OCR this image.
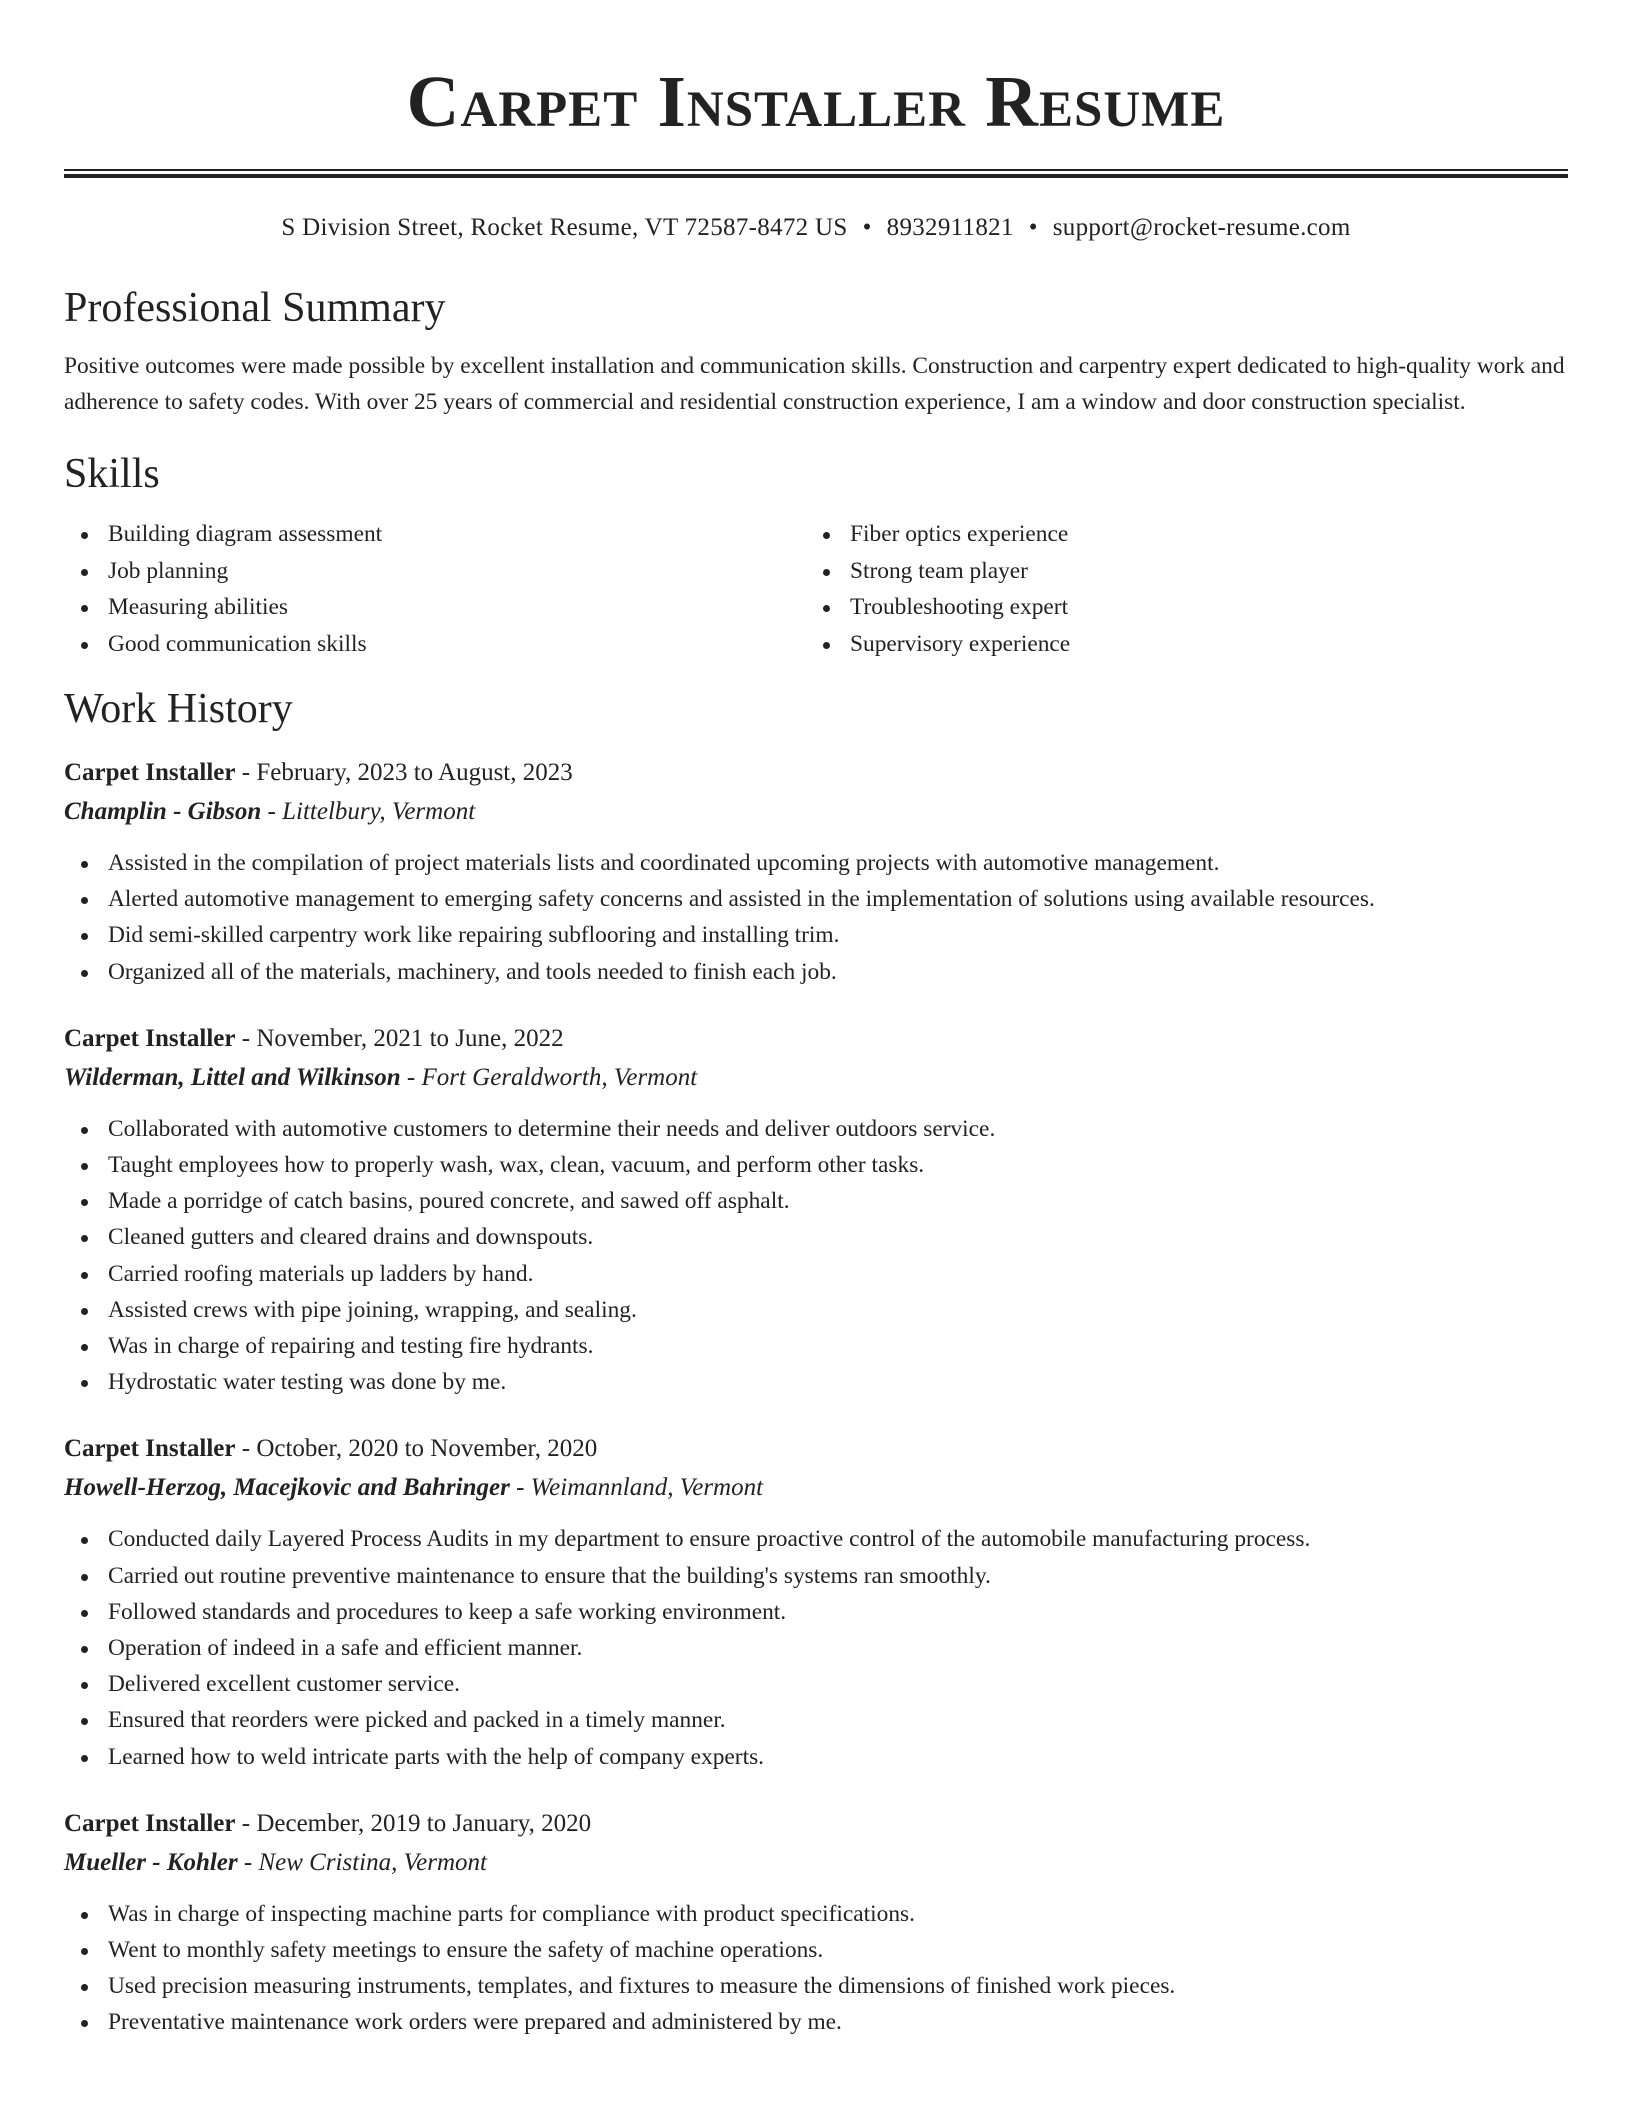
Carpet Installer Resume
S Division Street, Rocket Resume, VT 72587-8472 US • 8932911821 • support@rocket-resume.com
Professional Summary

Positive outcomes were made possible by excellent installation and communication skills. Construction and carpentry expert dedicated to high-quality work and adherence to safety codes. With over 25 years of commercial and residential construction experience, I am a window and door construction specialist.

Skills
Building diagram assessment
Job planning
Measuring abilities
Good communication skills
Fiber optics experience
Strong team player
Troubleshooting expert
Supervisory experience
Work History
Carpet Installer - February, 2023 to August, 2023
Champlin - Gibson - Littelbury, Vermont
Assisted in the compilation of project materials lists and coordinated upcoming projects with automotive management.
Alerted automotive management to emerging safety concerns and assisted in the implementation of solutions using available resources.
Did semi-skilled carpentry work like repairing subflooring and installing trim.
Organized all of the materials, machinery, and tools needed to finish each job.
Carpet Installer - November, 2021 to June, 2022
Wilderman, Littel and Wilkinson - Fort Geraldworth, Vermont
Collaborated with automotive customers to determine their needs and deliver outdoors service.
Taught employees how to properly wash, wax, clean, vacuum, and perform other tasks.
Made a porridge of catch basins, poured concrete, and sawed off asphalt.
Cleaned gutters and cleared drains and downspouts.
Carried roofing materials up ladders by hand.
Assisted crews with pipe joining, wrapping, and sealing.
Was in charge of repairing and testing fire hydrants.
Hydrostatic water testing was done by me.
Carpet Installer - October, 2020 to November, 2020
Howell-Herzog, Macejkovic and Bahringer - Weimannland, Vermont
Conducted daily Layered Process Audits in my department to ensure proactive control of the automobile manufacturing process.
Carried out routine preventive maintenance to ensure that the building's systems ran smoothly.
Followed standards and procedures to keep a safe working environment.
Operation of indeed in a safe and efficient manner.
Delivered excellent customer service.
Ensured that reorders were picked and packed in a timely manner.
Learned how to weld intricate parts with the help of company experts.
Carpet Installer - December, 2019 to January, 2020
Mueller - Kohler - New Cristina, Vermont
Was in charge of inspecting machine parts for compliance with product specifications.
Went to monthly safety meetings to ensure the safety of machine operations.
Used precision measuring instruments, templates, and fixtures to measure the dimensions of finished work pieces.
Preventative maintenance work orders were prepared and administered by me.
